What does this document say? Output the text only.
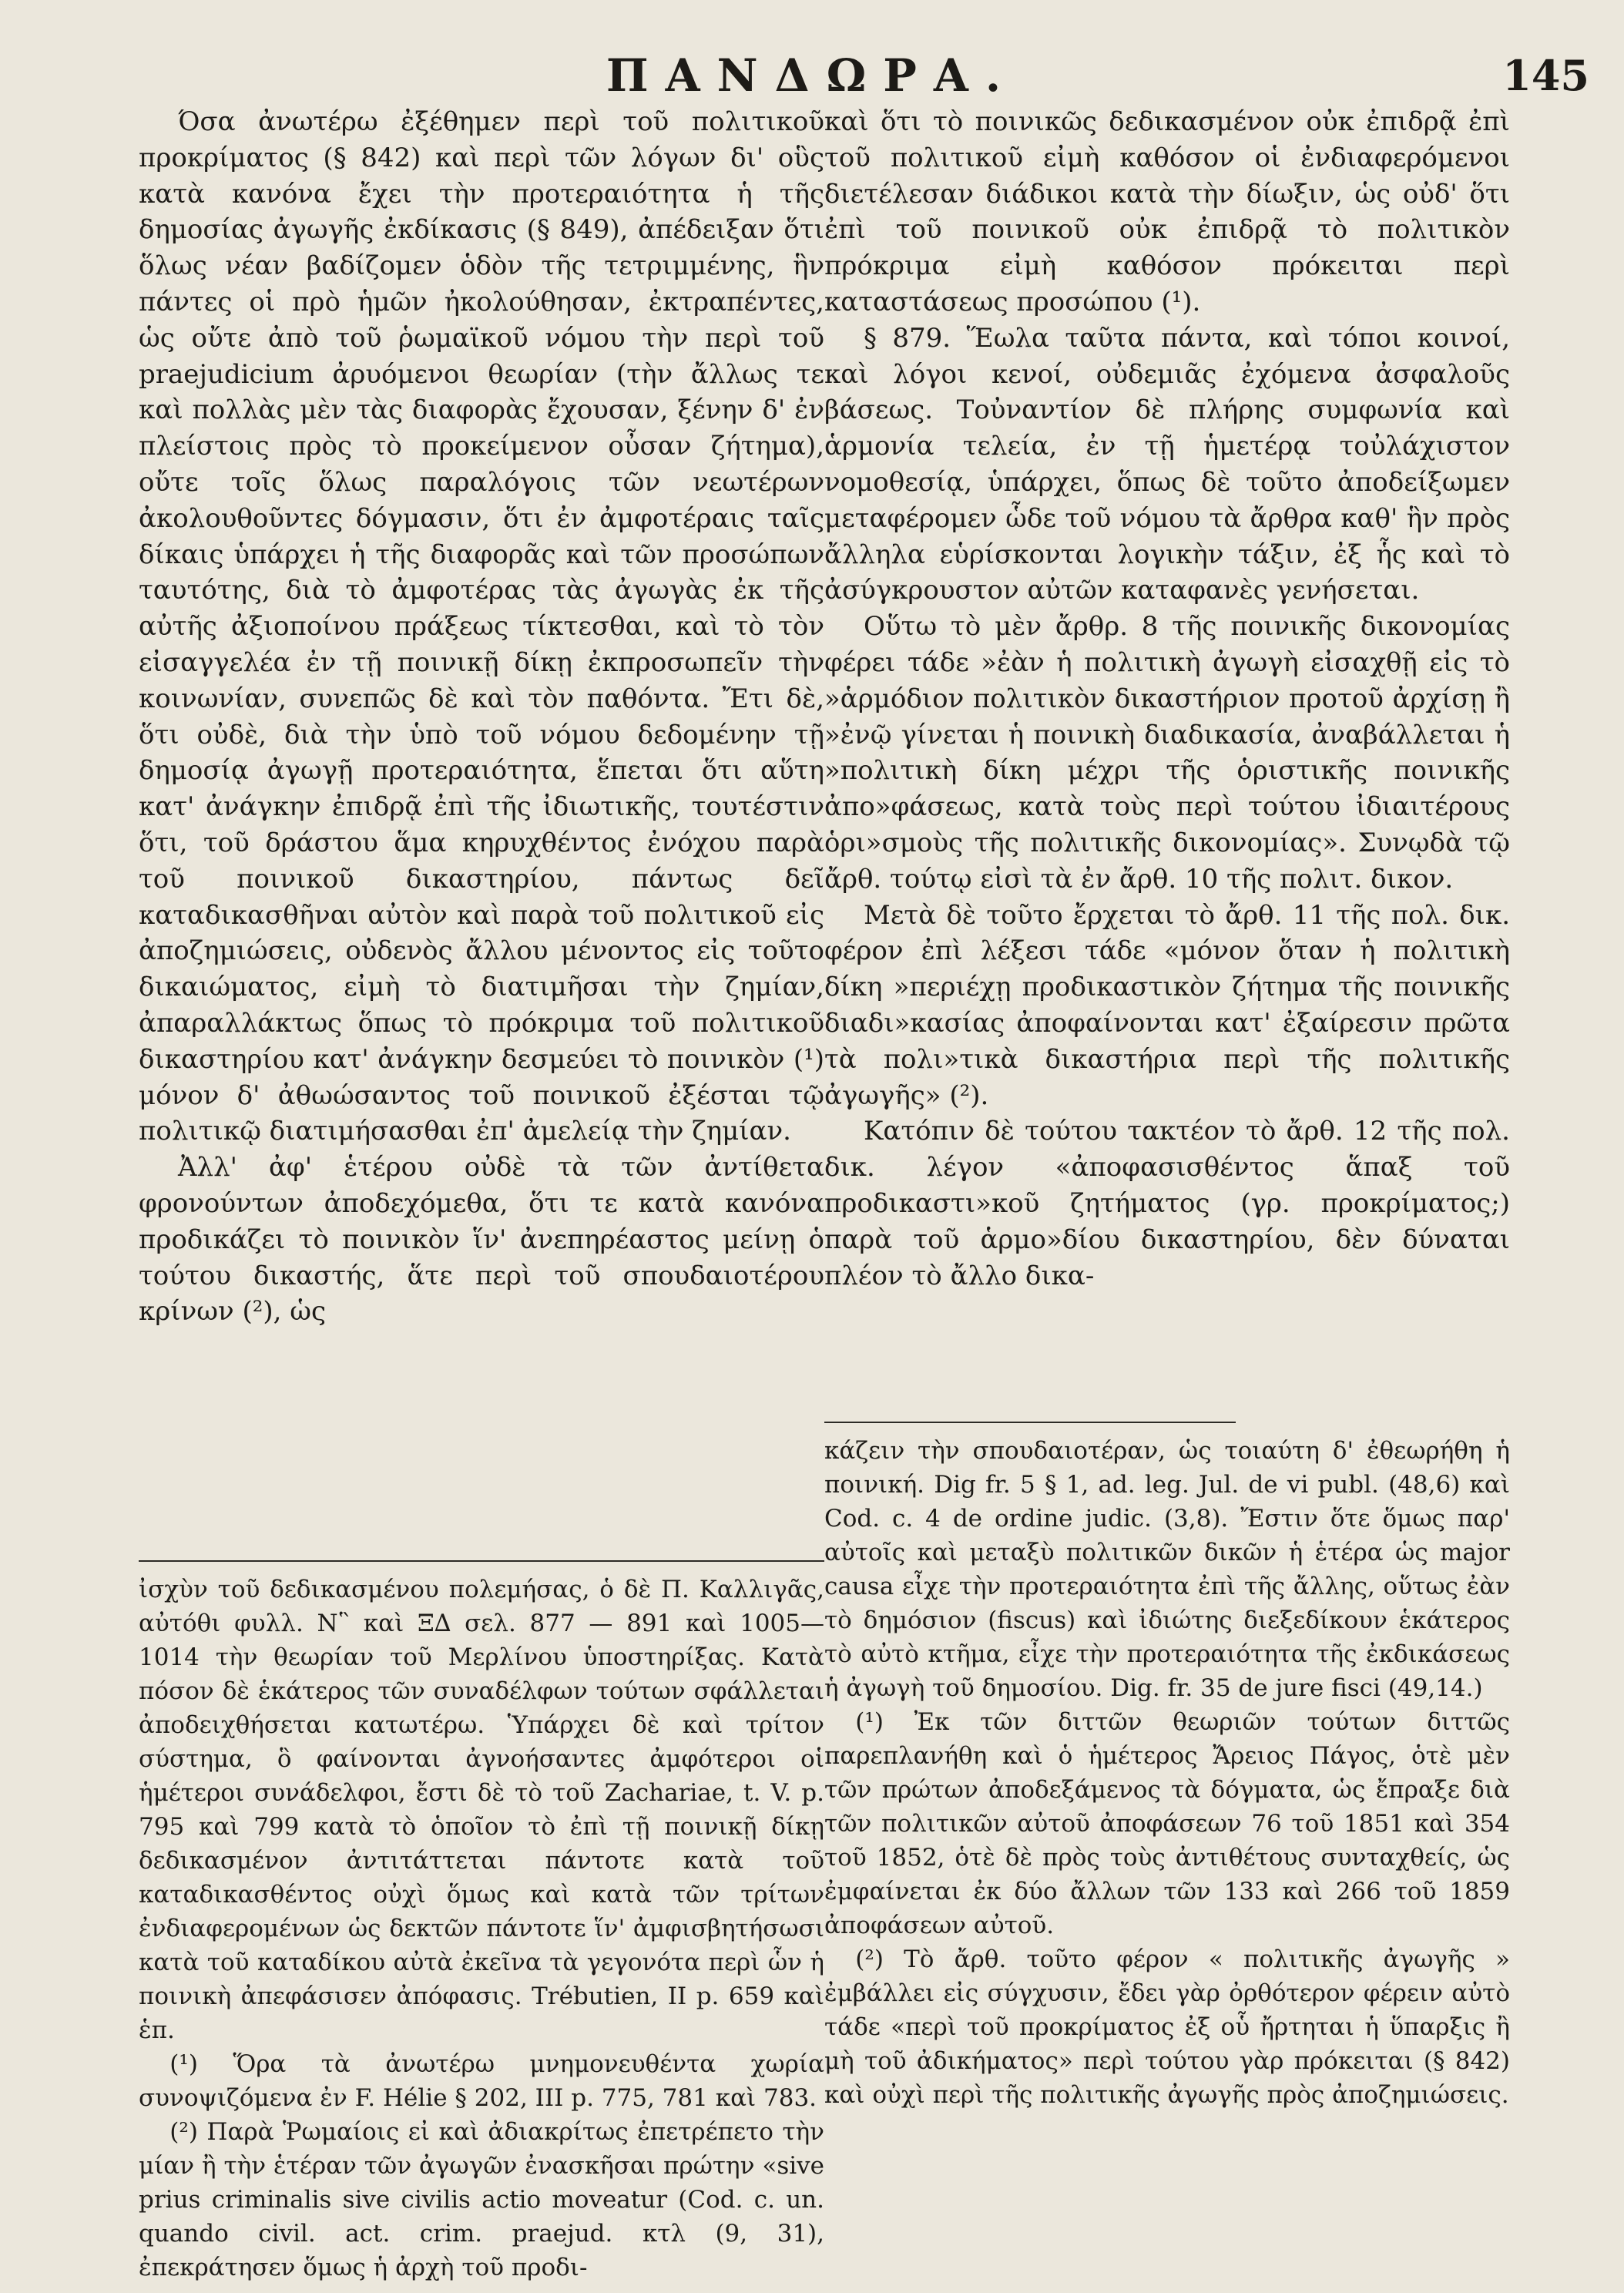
ΠΑΝΔΩΡΑ.	145

Όσα ἀνωτέρω ἐξέθημεν περὶ τοῦ πολιτικοῦ προκρίματος (§ 842) καὶ περὶ τῶν λόγων δι' οὓς κατὰ κανόνα ἔχει τὴν προτεραιότητα ἡ τῆς δημοσίας ἀγωγῆς ἐκδίκασις (§ 849), ἀπέδειξαν ὅτι ὅλως νέαν βαδίζομεν ὁδὸν τῆς τετριμμένης, ἣν πάντες οἱ πρὸ ἡμῶν ἠκολούθησαν, ἐκτραπέντες, ὡς οὔτε ἀπὸ τοῦ ῥωμαϊκοῦ νόμου τὴν περὶ τοῦ praejudicium ἀρυόμενοι θεωρίαν (τὴν ἄλλως τε καὶ πολλὰς μὲν τὰς διαφορὰς ἔχουσαν, ξένην δ' ἐν πλείστοις πρὸς τὸ προκείμενον οὖσαν ζήτημα), οὔτε τοῖς ὅλως παραλόγοις τῶν νεωτέρων ἀκολουθοῦντες δόγμασιν, ὅτι ἐν ἀμφοτέραις ταῖς δίκαις ὑπάρχει ἡ τῆς διαφορᾶς καὶ τῶν προσώπων ταυτότης, διὰ τὸ ἀμφοτέρας τὰς ἀγωγὰς ἐκ τῆς αὐτῆς ἀξιοποίνου πράξεως τίκτεσθαι, καὶ τὸ τὸν εἰσαγγελέα ἐν τῇ ποινικῇ δίκῃ ἐκπροσωπεῖν τὴν κοινωνίαν, συνεπῶς δὲ καὶ τὸν παθόντα. Ἔτι δὲ, ὅτι οὐδὲ, διὰ τὴν ὑπὸ τοῦ νόμου δεδομένην τῇ δημοσίᾳ ἀγωγῇ προτεραιότητα, ἕπεται ὅτι αὕτη κατ' ἀνάγκην ἐπιδρᾷ ἐπὶ τῆς ἰδιωτικῆς, τουτέστιν ὅτι, τοῦ δράστου ἅμα κηρυχθέντος ἐνόχου παρὰ τοῦ ποινικοῦ δικαστηρίου, πάντως δεῖ καταδικασθῆναι αὐτὸν καὶ παρὰ τοῦ πολιτικοῦ εἰς ἀποζημιώσεις, οὐδενὸς ἄλλου μένοντος εἰς τοῦτο δικαιώματος, εἰμὴ τὸ διατιμῆσαι τὴν ζημίαν, ἀπαραλλάκτως ὅπως τὸ πρόκριμα τοῦ πολιτικοῦ δικαστηρίου κατ' ἀνάγκην δεσμεύει τὸ ποινικὸν (¹) μόνον δ' ἀθωώσαντος τοῦ ποινικοῦ ἐξέσται τῷ πολιτικῷ διατιμήσασθαι ἐπ' ἀμελείᾳ τὴν ζημίαν.

Ἀλλ' ἀφ' ἑτέρου οὐδὲ τὰ τῶν ἀντίθετα φρονούντων ἀποδεχόμεθα, ὅτι τε κατὰ κανόνα προδικάζει τὸ ποινικὸν ἵν' ἀνεπηρέαστος μείνῃ ὁ τούτου δικαστής, ἅτε περὶ τοῦ σπουδαιοτέρου κρίνων (²), ὡς

ἰσχὺν τοῦ δεδικασμένου πολεμήσας, ὁ δὲ Π. Καλλιγᾶς, αὐτόθι φυλλ. Ν῝ καὶ Ξ∆ σελ. 877 — 891 καὶ 1005—1014 τὴν θεωρίαν τοῦ Μερλίνου ὑποστηρίξας. Κατὰ πόσον δὲ ἑκάτερος τῶν συναδέλφων τούτων σφάλλεται ἀποδειχθήσεται κατωτέρω. Ὑπάρχει δὲ καὶ τρίτον σύστημα, ὃ φαίνονται ἀγνοήσαντες ἀμφότεροι οἱ ἡμέτεροι συνάδελφοι, ἔστι δὲ τὸ τοῦ Zachariae, t. V. p. 795 καὶ 799 κατὰ τὸ ὁποῖον τὸ ἐπὶ τῇ ποινικῇ δίκῃ δεδικασμένον ἀντιτάττεται πάντοτε κατὰ τοῦ καταδικασθέντος οὐχὶ ὅμως καὶ κατὰ τῶν τρίτων ἐνδιαφερομένων ὡς δεκτῶν πάντοτε ἵν' ἀμφισβητήσωσι κατὰ τοῦ καταδίκου αὐτὰ ἐκεῖνα τὰ γεγονότα περὶ ὧν ἡ ποινικὴ ἀπεφάσισεν ἀπόφασις. Trébutien, II p. 659 καὶ ἑπ.

(¹) Ὅρα τὰ ἀνωτέρω μνημονευθέντα χωρία συνοψιζόμενα ἐν F. Hélie § 202, III p. 775, 781 καὶ 783.

(²) Παρὰ Ῥωμαίοις εἰ καὶ ἀδιακρίτως ἐπετρέπετο τὴν μίαν ἢ τὴν ἑτέραν τῶν ἀγωγῶν ἐνασκῆσαι πρώτην «sive prius criminalis sive civilis actio moveatur (Cod. c. un. quando civil. act. crim. praejud. κτλ (9, 31), ἐπεκράτησεν ὅμως ἡ ἀρχὴ τοῦ προδι-

καὶ ὅτι τὸ ποινικῶς δεδικασμένον οὐκ ἐπιδρᾷ ἐπὶ τοῦ πολιτικοῦ εἰμὴ καθόσον οἱ ἐνδιαφερόμενοι διετέλεσαν διάδικοι κατὰ τὴν δίωξιν, ὡς οὐδ' ὅτι ἐπὶ τοῦ ποινικοῦ οὐκ ἐπιδρᾷ τὸ πολιτικὸν πρόκριμα εἰμὴ καθόσον πρόκειται περὶ καταστάσεως προσώπου (¹).

§ 879. Ἕωλα ταῦτα πάντα, καὶ τόποι κοινοί, καὶ λόγοι κενοί, οὐδεμιᾶς ἐχόμενα ἀσφαλοῦς βάσεως. Τοὐναντίον δὲ πλήρης συμφωνία καὶ ἁρμονία τελεία, ἐν τῇ ἡμετέρᾳ τοὐλάχιστον νομοθεσίᾳ, ὑπάρχει, ὅπως δὲ τοῦτο ἀποδείξωμεν μεταφέρομεν ὧδε τοῦ νόμου τὰ ἄρθρα καθ' ἣν πρὸς ἄλληλα εὑρίσκονται λογικὴν τάξιν, ἐξ ἧς καὶ τὸ ἀσύγκρουστον αὐτῶν καταφανὲς γενήσεται.

Οὕτω τὸ μὲν ἄρθρ. 8 τῆς ποινικῆς δικονομίας φέρει τάδε »ἐὰν ἡ πολιτικὴ ἀγωγὴ εἰσαχθῇ εἰς τὸ »ἁρμόδιον πολιτικὸν δικαστήριον προτοῦ ἀρχίσῃ ἢ »ἐνῷ γίνεται ἡ ποινικὴ διαδικασία, ἀναβάλλεται ἡ »πολιτικὴ δίκη μέχρι τῆς ὁριστικῆς ποινικῆς ἀπο»φάσεως, κατὰ τοὺς περὶ τούτου ἰδιαιτέρους ὁρι»σμοὺς τῆς πολιτικῆς δικονομίας». Συνῳδὰ τῷ ἄρθ. τούτῳ εἰσὶ τὰ ἐν ἄρθ. 10 τῆς πολιτ. δικον.

Μετὰ δὲ τοῦτο ἔρχεται τὸ ἄρθ. 11 τῆς πολ. δικ. φέρον ἐπὶ λέξεσι τάδε «μόνον ὅταν ἡ πολιτικὴ δίκη »περιέχῃ προδικαστικὸν ζήτημα τῆς ποινικῆς διαδι»κασίας ἀποφαίνονται κατ' ἐξαίρεσιν πρῶτα τὰ πολι»τικὰ δικαστήρια περὶ τῆς πολιτικῆς ἀγωγῆς» (²).

Κατόπιν δὲ τούτου τακτέον τὸ ἄρθ. 12 τῆς πολ. δικ. λέγον «ἀποφασισθέντος ἅπαξ τοῦ προδικαστι»κοῦ ζητήματος (γρ. προκρίματος;) παρὰ τοῦ ἁρμο»δίου δικαστηρίου, δὲν δύναται πλέον τὸ ἄλλο δικα-

κάζειν τὴν σπουδαιοτέραν, ὡς τοιαύτη δ' ἐθεωρήθη ἡ ποινική. Dig fr. 5 § 1, ad. leg. Jul. de vi publ. (48,6) καὶ Cod. c. 4 de ordine judic. (3,8). Ἔστιν ὅτε ὅμως παρ' αὐτοῖς καὶ μεταξὺ πολιτικῶν δικῶν ἡ ἑτέρα ὡς major causa εἶχε τὴν προτεραιότητα ἐπὶ τῆς ἄλλης, οὕτως ἐὰν τὸ δημόσιον (fiscus) καὶ ἰδιώτης διεξεδίκουν ἑκάτερος τὸ αὐτὸ κτῆμα, εἶχε τὴν προτεραιότητα τῆς ἐκδικάσεως ἡ ἀγωγὴ τοῦ δημοσίου. Dig. fr. 35 de jure fisci (49,14.)

(¹) Ἐκ τῶν διττῶν θεωριῶν τούτων διττῶς παρεπλανήθη καὶ ὁ ἡμέτερος Ἄρειος Πάγος, ὁτὲ μὲν τῶν πρώτων ἀποδεξάμενος τὰ δόγματα, ὡς ἔπραξε διὰ τῶν πολιτικῶν αὐτοῦ ἀποφάσεων 76 τοῦ 1851 καὶ 354 τοῦ 1852, ὁτὲ δὲ πρὸς τοὺς ἀντιθέτους συνταχθείς, ὡς ἐμφαίνεται ἐκ δύο ἄλλων τῶν 133 καὶ 266 τοῦ 1859 ἀποφάσεων αὐτοῦ.

(²) Τὸ ἄρθ. τοῦτο φέρον « πολιτικῆς ἀγωγῆς » ἐμβάλλει εἰς σύγχυσιν, ἔδει γὰρ ὀρθότερον φέρειν αὐτὸ τάδε «περὶ τοῦ προκρίματος ἐξ οὗ ἤρτηται ἡ ὕπαρξις ἢ μὴ τοῦ ἀδικήματος» περὶ τούτου γὰρ πρόκειται (§ 842) καὶ οὐχὶ περὶ τῆς πολιτικῆς ἀγωγῆς πρὸς ἀποζημιώσεις.
